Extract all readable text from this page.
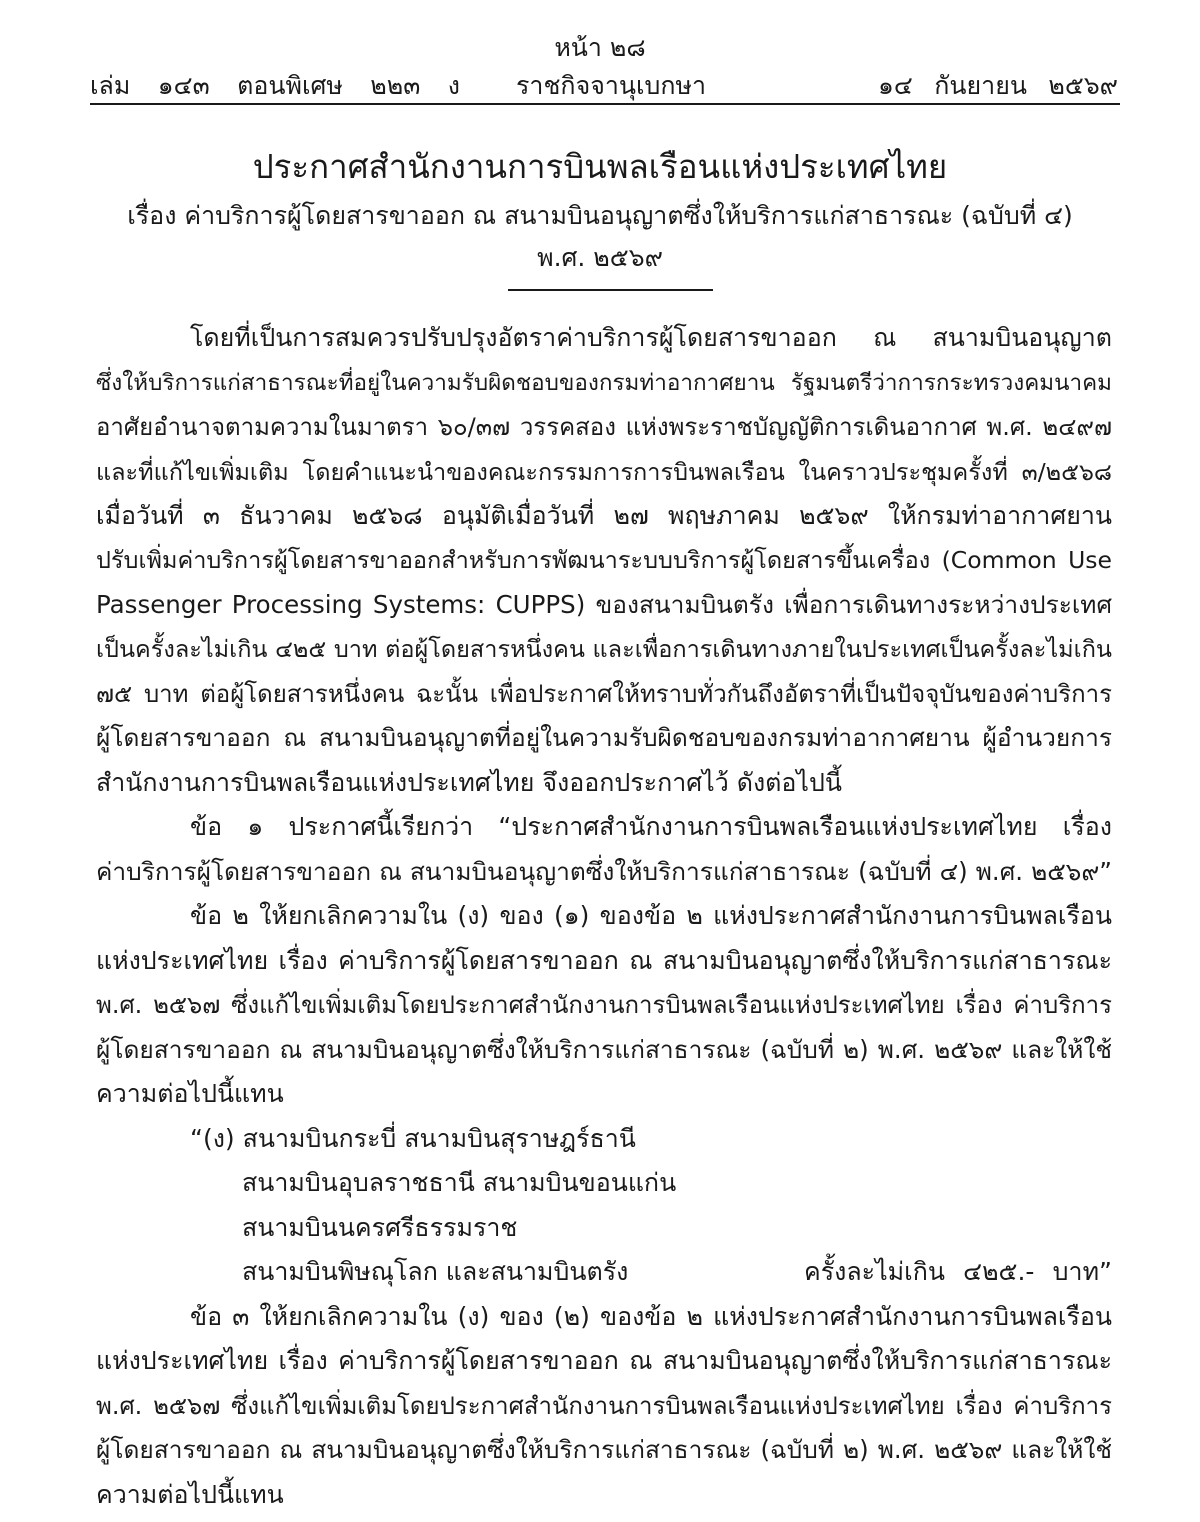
หน้า ๒๘
เล่ม ๑๔๓ ตอนพิเศษ ๒๒๓ ง ราชกิจจานุเบกษา	๑๔ กันยายน ๒๕๖๙
ประกาศสำนักงานการบินพลเรือนแห่งประเทศไทย
เรื่อง ค่าบริการผู้โดยสารขาออก ณ สนามบินอนุญาตซึ่งให้บริการแก่สาธารณะ (ฉบับที่ ๔)
พ.ศ. ๒๕๖๙
โดยที่เป็นการสมควรปรับปรุงอัตราค่าบริการผู้โดยสารขาออก ณ สนามบินอนุญาต
ซึ่งให้บริการแก่สาธารณะที่อยู่ในความรับผิดชอบของกรมท่าอากาศยาน รัฐมนตรีว่าการกระทรวงคมนาคม
อาศัยอำนาจตามความในมาตรา ๖๐/๓๗ วรรคสอง แห่งพระราชบัญญัติการเดินอากาศ พ.ศ. ๒๔๙๗
และที่แก้ไขเพิ่มเติม โดยคำแนะนำของคณะกรรมการการบินพลเรือน ในคราวประชุมครั้งที่ ๓/๒๕๖๘
เมื่อวันที่ ๓ ธันวาคม ๒๕๖๘ อนุมัติเมื่อวันที่ ๒๗ พฤษภาคม ๒๕๖๙ ให้กรมท่าอากาศยาน
ปรับเพิ่มค่าบริการผู้โดยสารขาออกสำหรับการพัฒนาระบบบริการผู้โดยสารขึ้นเครื่อง (Common Use
Passenger Processing Systems: CUPPS) ของสนามบินตรัง เพื่อการเดินทางระหว่างประเทศ
เป็นครั้งละไม่เกิน ๔๒๕ บาท ต่อผู้โดยสารหนึ่งคน และเพื่อการเดินทางภายในประเทศเป็นครั้งละไม่เกิน
๗๕ บาท ต่อผู้โดยสารหนึ่งคน ฉะนั้น เพื่อประกาศให้ทราบทั่วกันถึงอัตราที่เป็นปัจจุบันของค่าบริการ
ผู้โดยสารขาออก ณ สนามบินอนุญาตที่อยู่ในความรับผิดชอบของกรมท่าอากาศยาน ผู้อำนวยการ
สำนักงานการบินพลเรือนแห่งประเทศไทย จึงออกประกาศไว้ ดังต่อไปนี้
ข้อ ๑ ประกาศนี้เรียกว่า “ประกาศสำนักงานการบินพลเรือนแห่งประเทศไทย เรื่อง
ค่าบริการผู้โดยสารขาออก ณ สนามบินอนุญาตซึ่งให้บริการแก่สาธารณะ (ฉบับที่ ๔) พ.ศ. ๒๕๖๙”
ข้อ ๒ ให้ยกเลิกความใน (ง) ของ (๑) ของข้อ ๒ แห่งประกาศสำนักงานการบินพลเรือน
แห่งประเทศไทย เรื่อง ค่าบริการผู้โดยสารขาออก ณ สนามบินอนุญาตซึ่งให้บริการแก่สาธารณะ
พ.ศ. ๒๕๖๗ ซึ่งแก้ไขเพิ่มเติมโดยประกาศสำนักงานการบินพลเรือนแห่งประเทศไทย เรื่อง ค่าบริการ
ผู้โดยสารขาออก ณ สนามบินอนุญาตซึ่งให้บริการแก่สาธารณะ (ฉบับที่ ๒) พ.ศ. ๒๕๖๙ และให้ใช้
ความต่อไปนี้แทน
“(ง) สนามบินกระบี่ สนามบินสุราษฎร์ธานี
สนามบินอุบลราชธานี สนามบินขอนแก่น
สนามบินนครศรีธรรมราช
สนามบินพิษณุโลก และสนามบินตรัง	ครั้งละไม่เกิน ๔๒๕.- บาท”
ข้อ ๓ ให้ยกเลิกความใน (ง) ของ (๒) ของข้อ ๒ แห่งประกาศสำนักงานการบินพลเรือน
แห่งประเทศไทย เรื่อง ค่าบริการผู้โดยสารขาออก ณ สนามบินอนุญาตซึ่งให้บริการแก่สาธารณะ
พ.ศ. ๒๕๖๗ ซึ่งแก้ไขเพิ่มเติมโดยประกาศสำนักงานการบินพลเรือนแห่งประเทศไทย เรื่อง ค่าบริการ
ผู้โดยสารขาออก ณ สนามบินอนุญาตซึ่งให้บริการแก่สาธารณะ (ฉบับที่ ๒) พ.ศ. ๒๕๖๙ และให้ใช้
ความต่อไปนี้แทน
